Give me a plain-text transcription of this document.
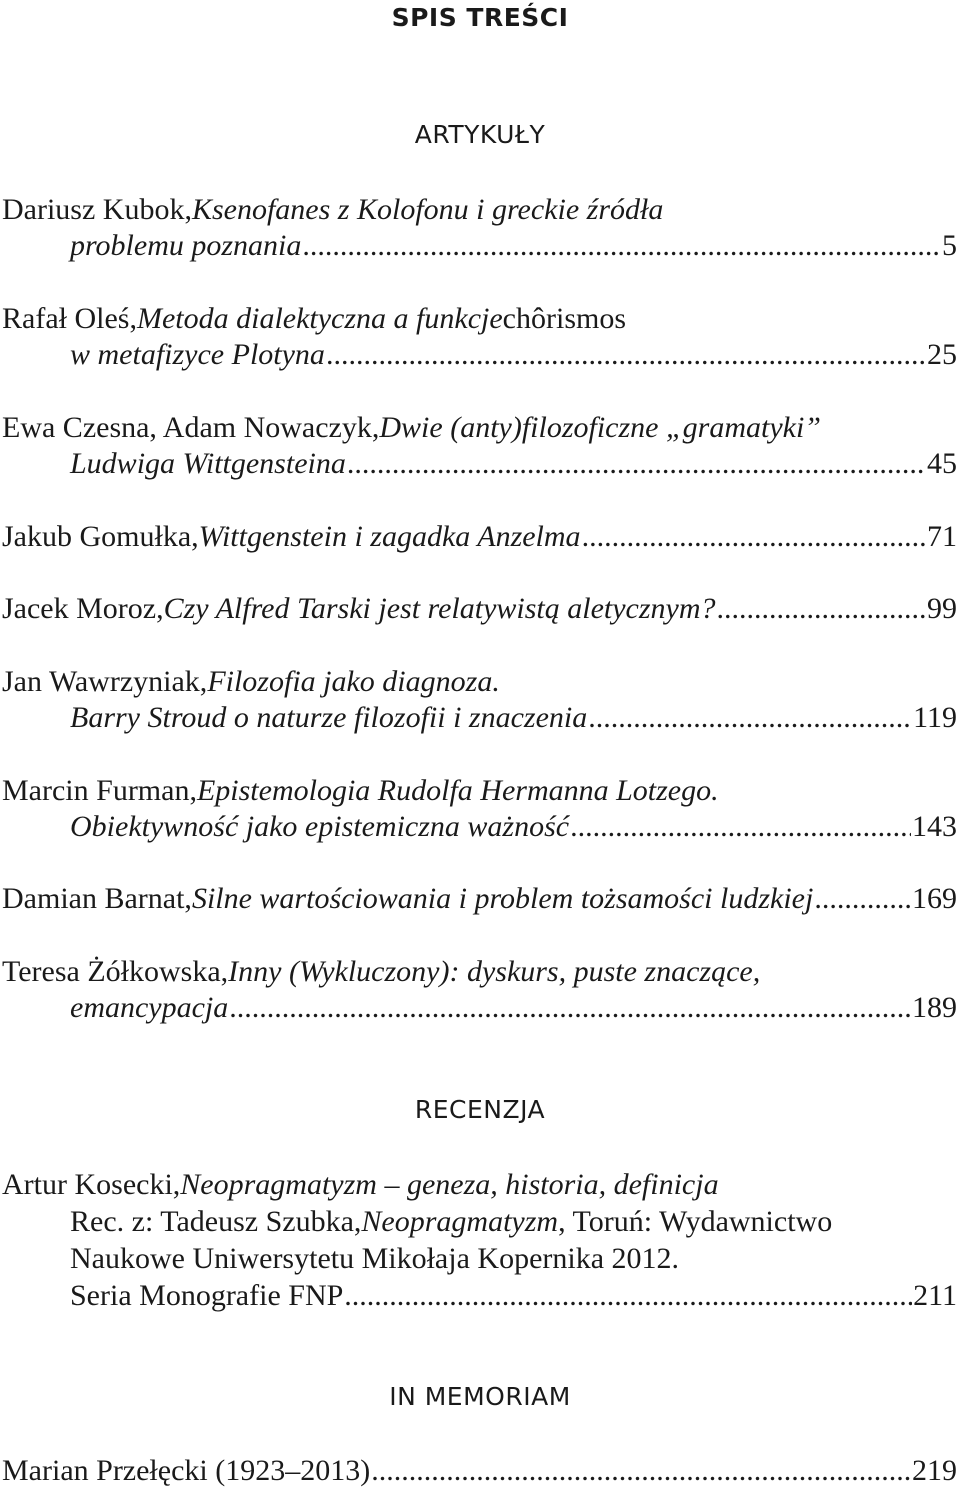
SPIS TREŚCI
ARTYKUŁY
Dariusz Kubok, Ksenofanes z Kolofonu i greckie źródła
problemu poznania .....	5
Rafał Oleś, Metoda dialektyczna a funkcje chôrismos
w metafizyce Plotyna .....	25
Ewa Czesna, Adam Nowaczyk, Dwie (anty)filozoficzne „gramatyki”
Ludwiga Wittgensteina .....	45
Jakub Gomułka, Wittgenstein i zagadka Anzelma .....	71
Jacek Moroz, Czy Alfred Tarski jest relatywistą aletycznym? .....	99
Jan Wawrzyniak, Filozofia jako diagnoza.
Barry Stroud o naturze filozofii i znaczenia .....	119
Marcin Furman, Epistemologia Rudolfa Hermanna Lotzego.
Obiektywność jako epistemiczna ważność .....	143
Damian Barnat, Silne wartościowania i problem tożsamości ludzkiej .....	169
Teresa Żółkowska, Inny (Wykluczony): dyskurs, puste znaczące,
emancypacja .....	189
RECENZJA
Artur Kosecki, Neopragmatyzm – geneza, historia, definicja
Rec. z: Tadeusz Szubka, Neopragmatyzm , Toruń: Wydawnictwo
Naukowe Uniwersytetu Mikołaja Kopernika 2012.
Seria Monografie FNP .....	211
IN MEMORIAM
Marian Przełęcki (1923–2013) .....	219
